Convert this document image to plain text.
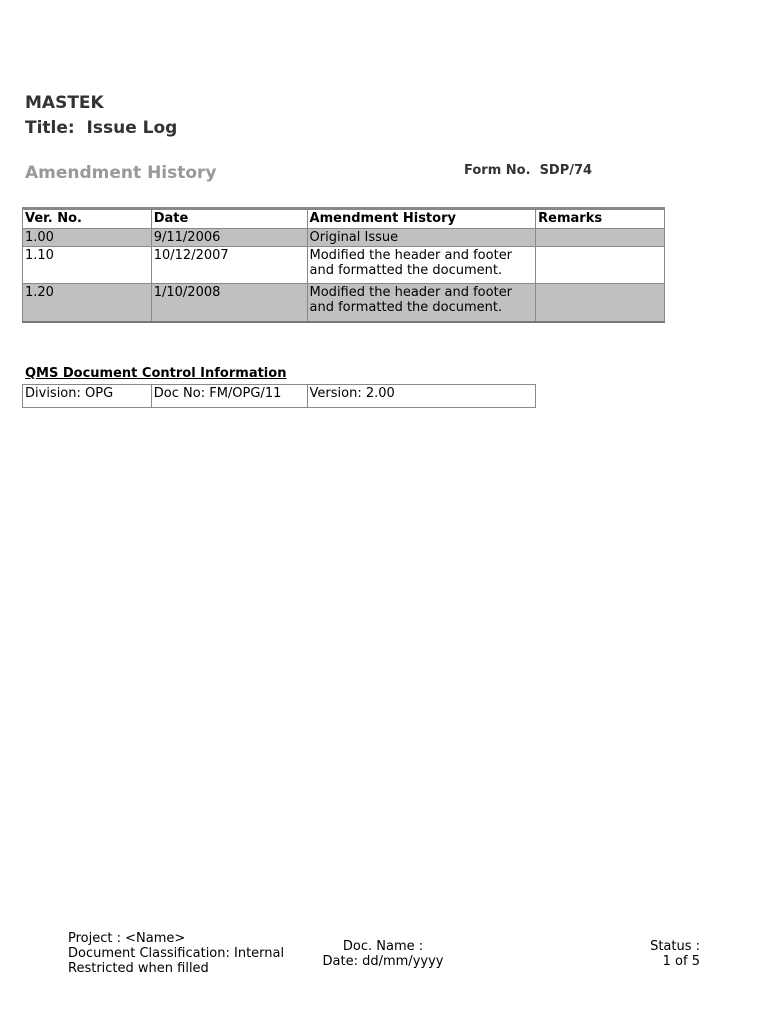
MASTEK
Title:  Issue Log
Amendment History	Form No.  SDP/74
Ver. No.	Date	Amendment History	Remarks
1.00	9/11/2006	Original Issue	
1.10	10/12/2007	Modified the header and footer and formatted the document.	
1.20	1/10/2008	Modified the header and footer and formatted the document.	
QMS Document Control Information
Division: OPG	Doc No: FM/OPG/11	Version: 2.00
Project : <Name>
Document Classification: Internal
Restricted when filled
Doc. Name :
Date: dd/mm/yyyy
Status :
1 of 5
